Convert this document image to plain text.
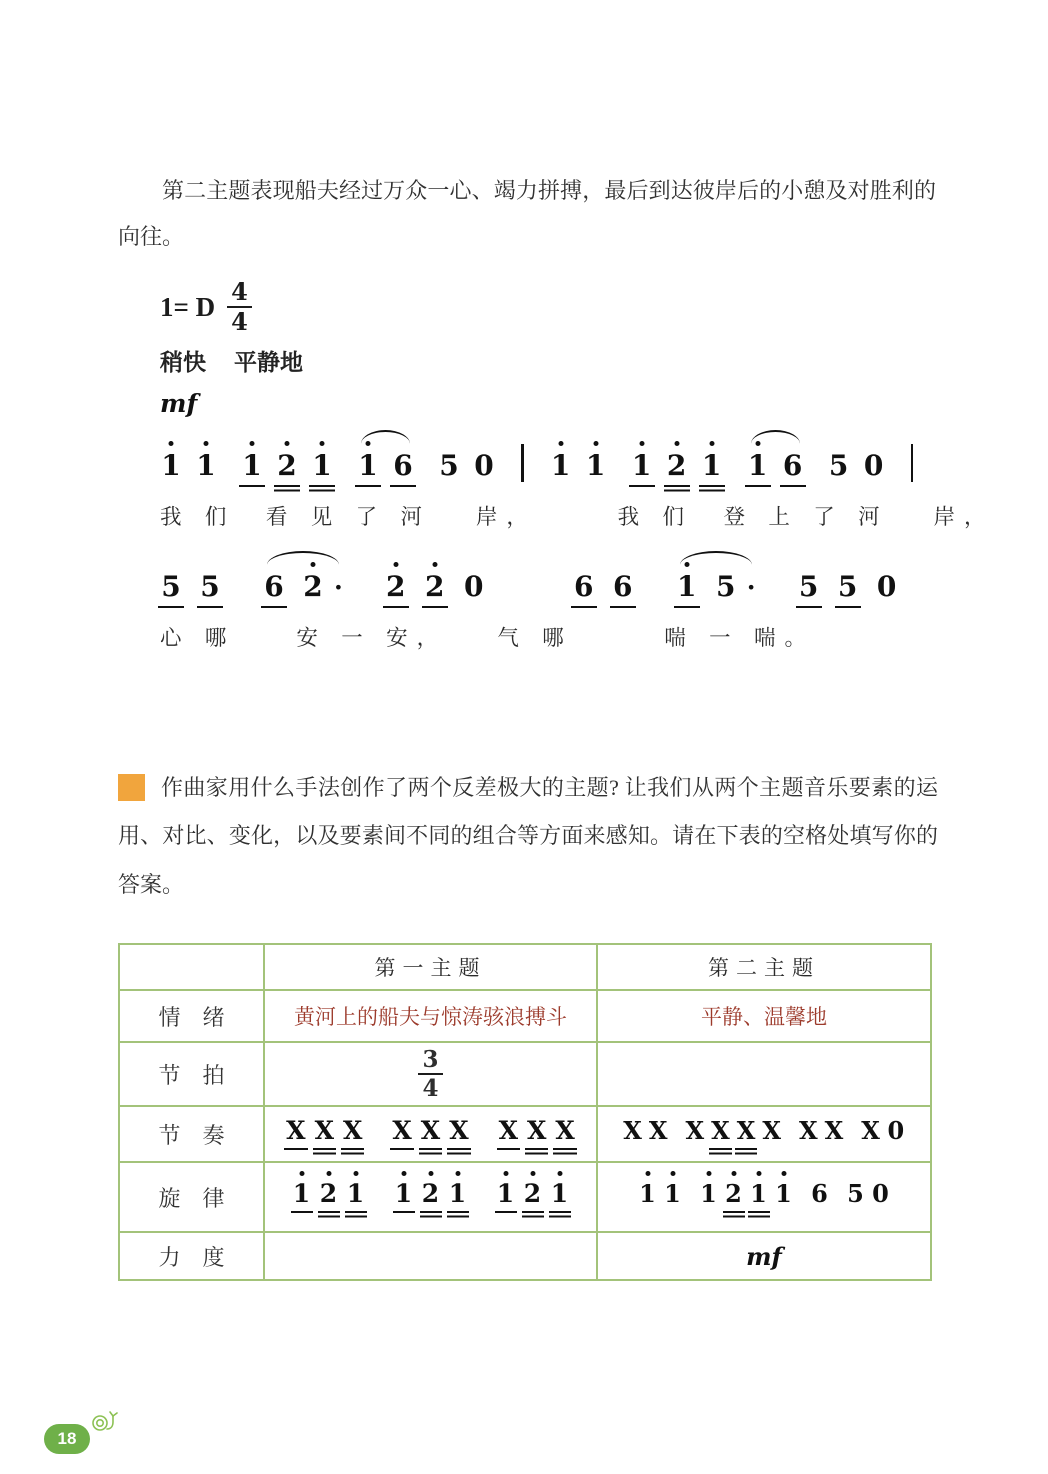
第二主题表现船夫经过万众一心、竭力拼搏，最后到达彼岸后的小憩及对胜利的向往。

1= D $\frac{4}{4}$
稍快 平静地
mf
1 1 1 2 1 1 6 5 0 1 1 1 2 1 1 6 5 0
我 们　看 见 了 河　 岸，　　　我 们　登 上 了 河　 岸，
5 5 6 2 · 2 2 0	6 6 1 5 · 5 5 0
心 哪　　安 一 安，　　气 哪　　　喘 一 喘。

作曲家用什么手法创作了两个反差极大的主题? 让我们从两个主题音乐要素的运用、对比、变化，以及要素间不同的组合等方面来感知。请在下表的空格处填写你的答案。

	第一主题	第二主题
情　绪	黄河上的船夫与惊涛骇浪搏斗	平静、温馨地
节　拍	$\frac{3}{4}$

节　奏	X X X X X X X X X	X X X X X X X X X 0

旋　律	1 2 1 1 2 1 1 2 1	1 1 1 2 1 1 6 5 0

力　度		mf
18
